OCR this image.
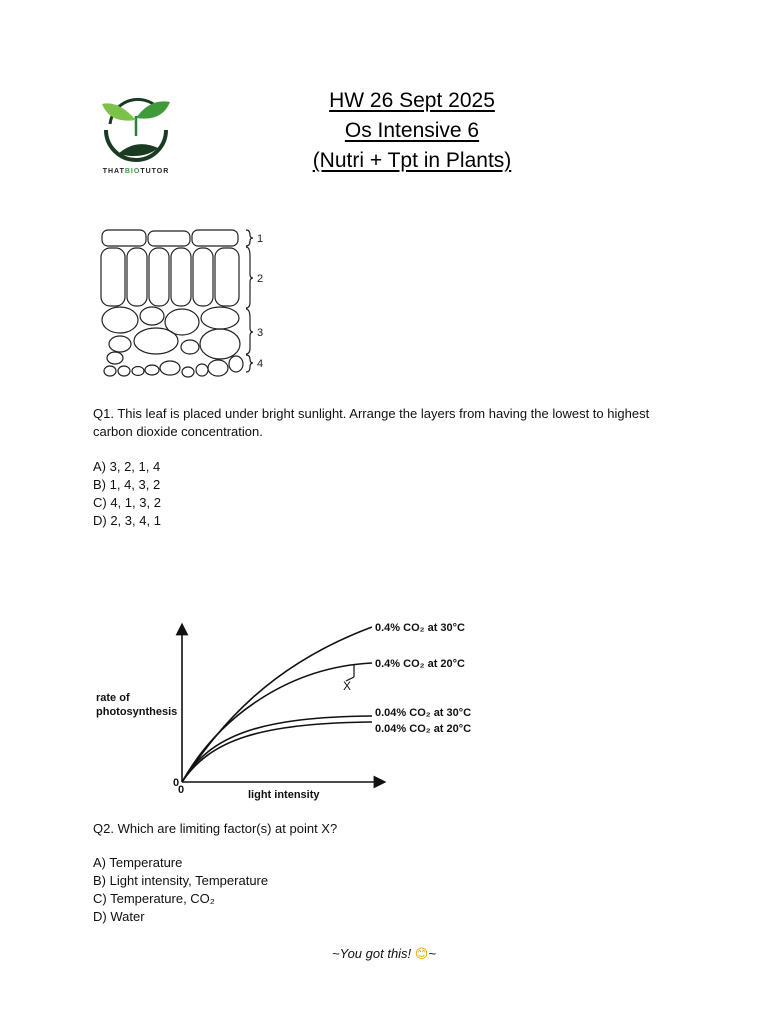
THATBIOTUTOR
HW 26 Sept 2025
Os Intensive 6
(Nutri + Tpt in Plants)
1
2
3
4
Q1. This leaf is placed under bright sunlight. Arrange the layers from having the lowest to highest carbon dioxide concentration.
A) 3, 2, 1, 4
B) 1, 4, 3, 2
C) 4, 1, 3, 2
D) 2, 3, 4, 1
rate of
photosynthesis
light intensity
0
0
X
0.4% CO₂ at 30°C
0.4% CO₂ at 20°C
0.04% CO₂ at 30°C
0.04% CO₂ at 20°C
Q2. Which are limiting factor(s) at point X?
A) Temperature
B) Light intensity, Temperature
C) Temperature, CO₂
D) Water
~You got this! 😊~
